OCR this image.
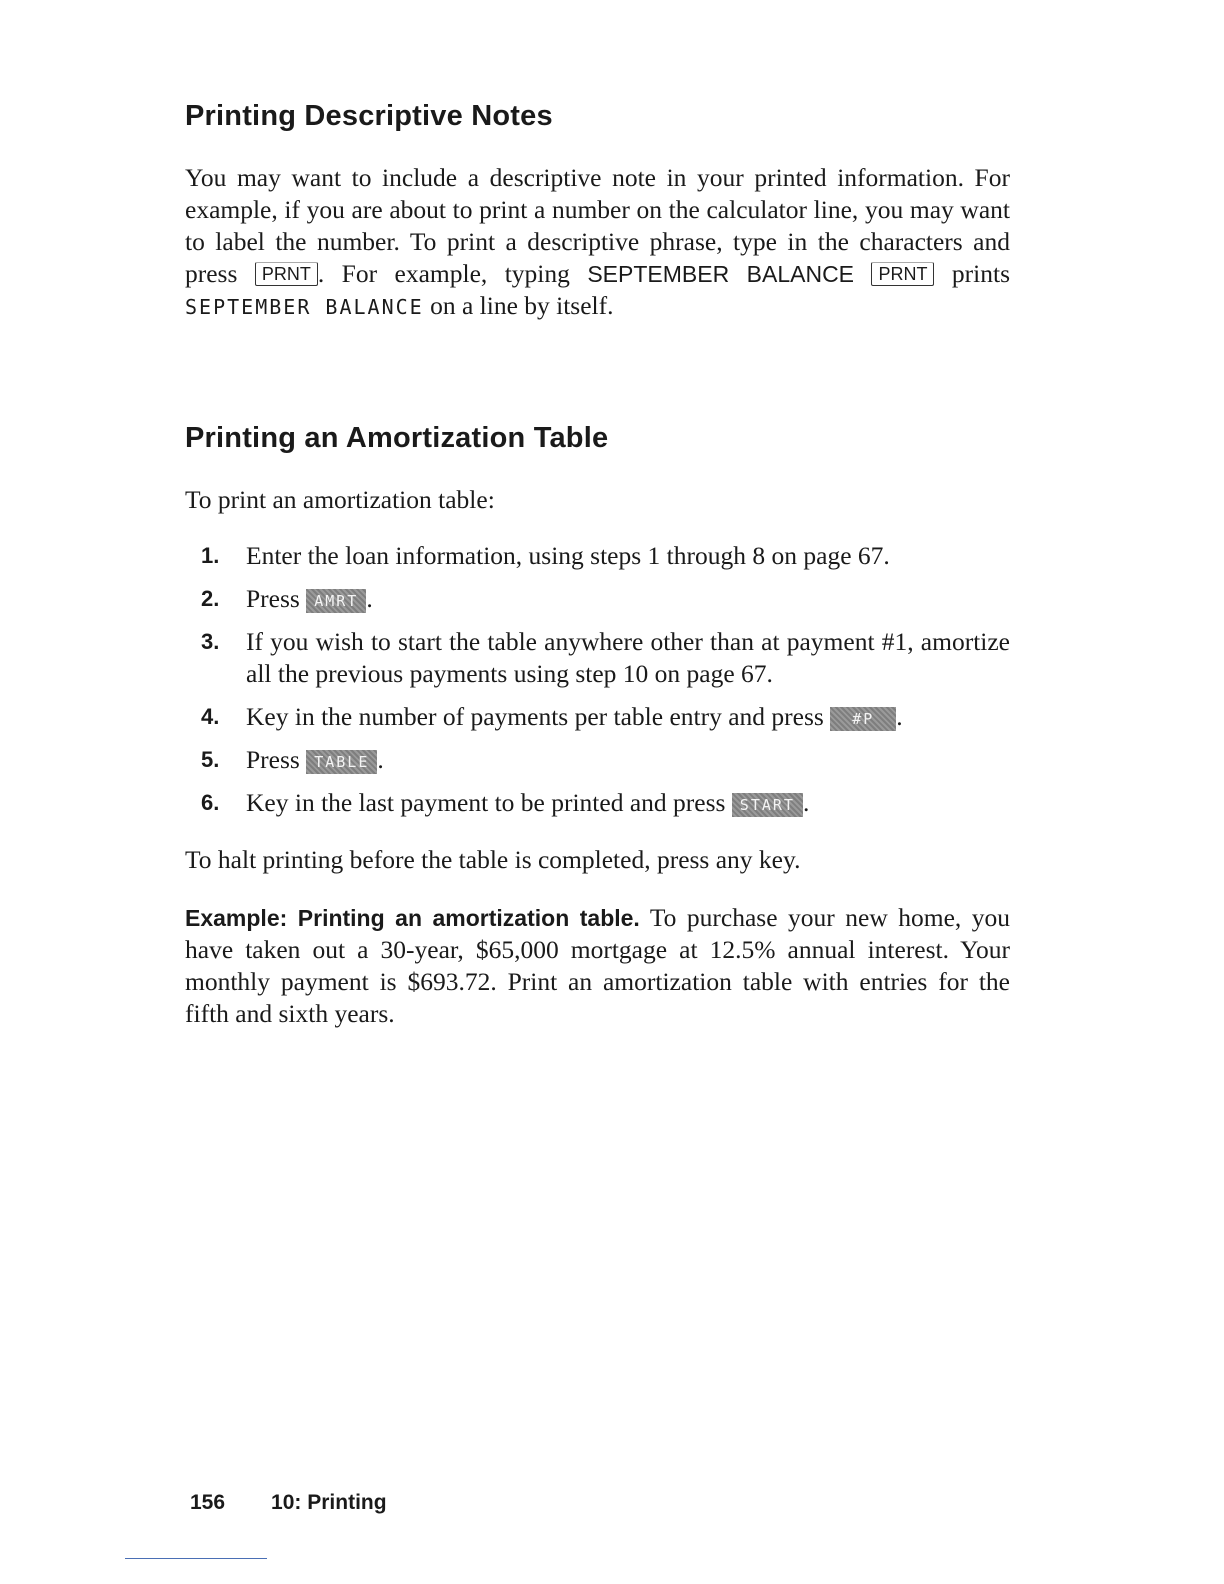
Printing Descriptive Notes

You may want to include a descriptive note in your printed information. For example, if you are about to print a number on the calculator line, you may want to label the number. To print a descriptive phrase, type in the characters and press PRNT . For example, typing SEPTEMBER BALANCE PRNT prints SEPTEMBER BALANCE on a line by itself.

Printing an Amortization Table

To print an amortization table:

1. Enter the loan information, using steps 1 through 8 on page 67.
2. Press AMRT .
3. If you wish to start the table anywhere other than at payment #1, amortize all the previous payments using step 10 on page 67.
4. Key in the number of payments per table entry and press #P .
5. Press TABLE .
6. Key in the last payment to be printed and press START .

To halt printing before the table is completed, press any key.

Example: Printing an amortization table. To purchase your new home, you have taken out a 30-year, $65,000 mortgage at 12.5% annual interest. Your monthly payment is $693.72. Print an amortization table with entries for the fifth and sixth years.

156 10: Printing
